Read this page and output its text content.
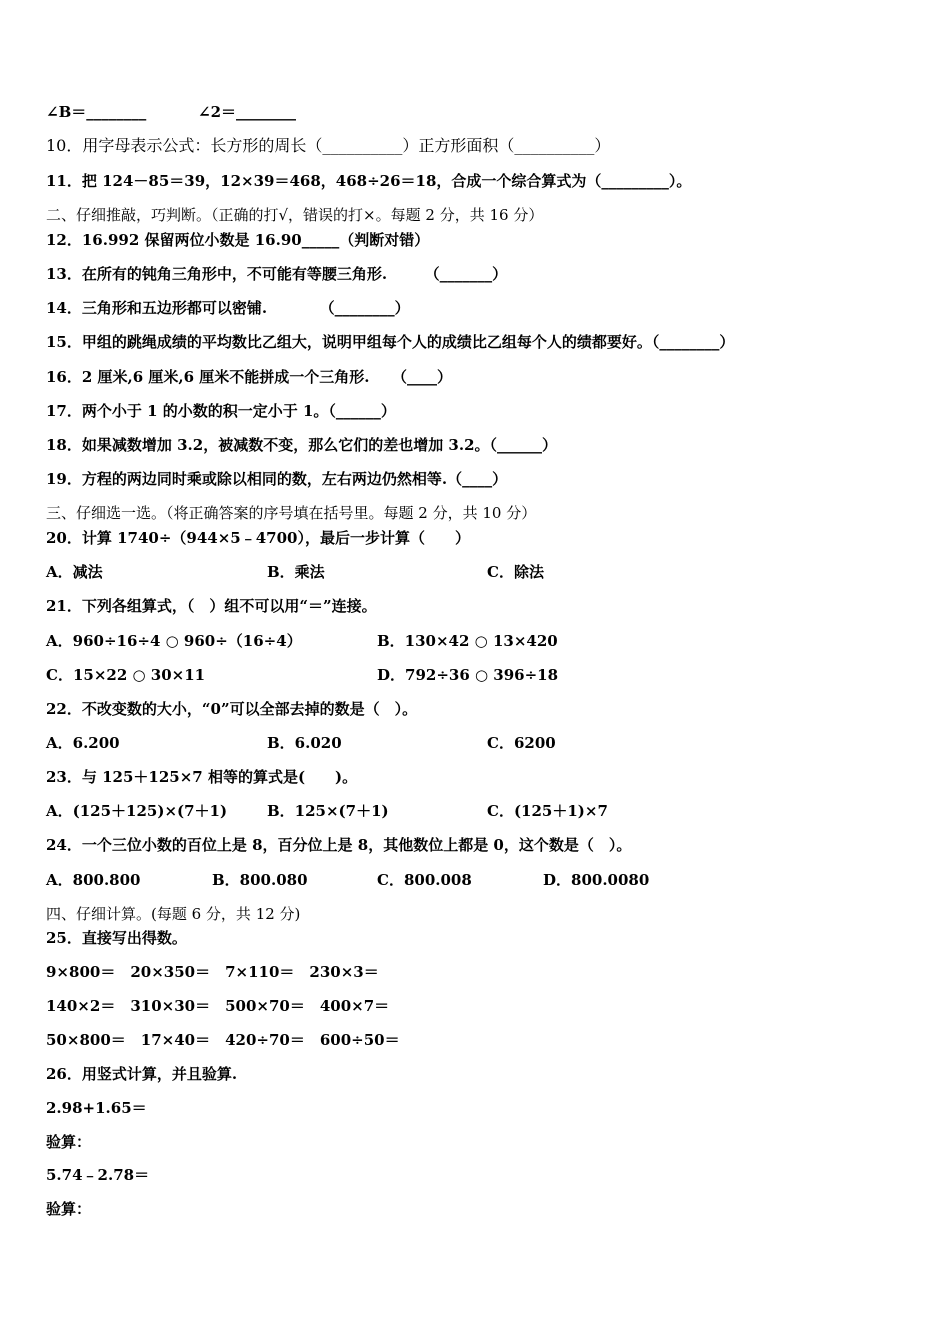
∠B＝________	∠2＝________
10．用字母表示公式：长方形的周长（__________）正方形面积（__________）
11．把 124－85＝39，12×39＝468，468÷26＝18，合成一个综合算式为（_________）。
二、仔细推敲，巧判断。（正确的打√，错误的打×。每题 2 分，共 16 分）
12．16.992 保留两位小数是 16.90_____（判断对错）
13．在所有的钝角三角形中，不可能有等腰三角形.　　　（_______）
14．三角形和五边形都可以密铺.　　　　（________）
15．甲组的跳绳成绩的平均数比乙组大，说明甲组每个人的成绩比乙组每个人的绩都要好。（________）
16．2 厘米,6 厘米,6 厘米不能拼成一个三角形.　　（____）
17．两个小于 1 的小数的积一定小于 1。（______）
18．如果减数增加 3.2，被减数不变，那么它们的差也增加 3.2。（______）
19．方程的两边同时乘或除以相同的数，左右两边仍然相等.（____）
三、仔细选一选。（将正确答案的序号填在括号里。每题 2 分，共 10 分）
20．计算 1740÷（944×5﹣4700），最后一步计算（　　）
A．减法	B．乘法	C．除法
21．下列各组算式，（　）组不可以用“＝”连接。
A．960÷16÷4 ○ 960÷（16÷4）	B．130×42 ○ 13×420
C．15×22 ○ 30×11	D．792÷36 ○ 396÷18
22．不改变数的大小，“0”可以全部去掉的数是（　）。
A．6.200	B．6.020	C．6200
23．与 125＋125×7 相等的算式是(　　)。
A．(125＋125)×(7＋1)	B．125×(7＋1)	C．(125＋1)×7
24．一个三位小数的百位上是 8，百分位上是 8，其他数位上都是 0，这个数是（　）。
A．800.800	B．800.080	C．800.008	D．800.0080
四、仔细计算。(每题 6 分，共 12 分)
25．直接写出得数。
9×800＝　20×350＝　7×110＝　230×3＝
140×2＝　310×30＝　500×70＝　400×7＝
50×800＝　17×40＝　420÷70＝　600÷50＝
26．用竖式计算，并且验算.
2.98+1.65＝
验算：
5.74﹣2.78＝
验算：
